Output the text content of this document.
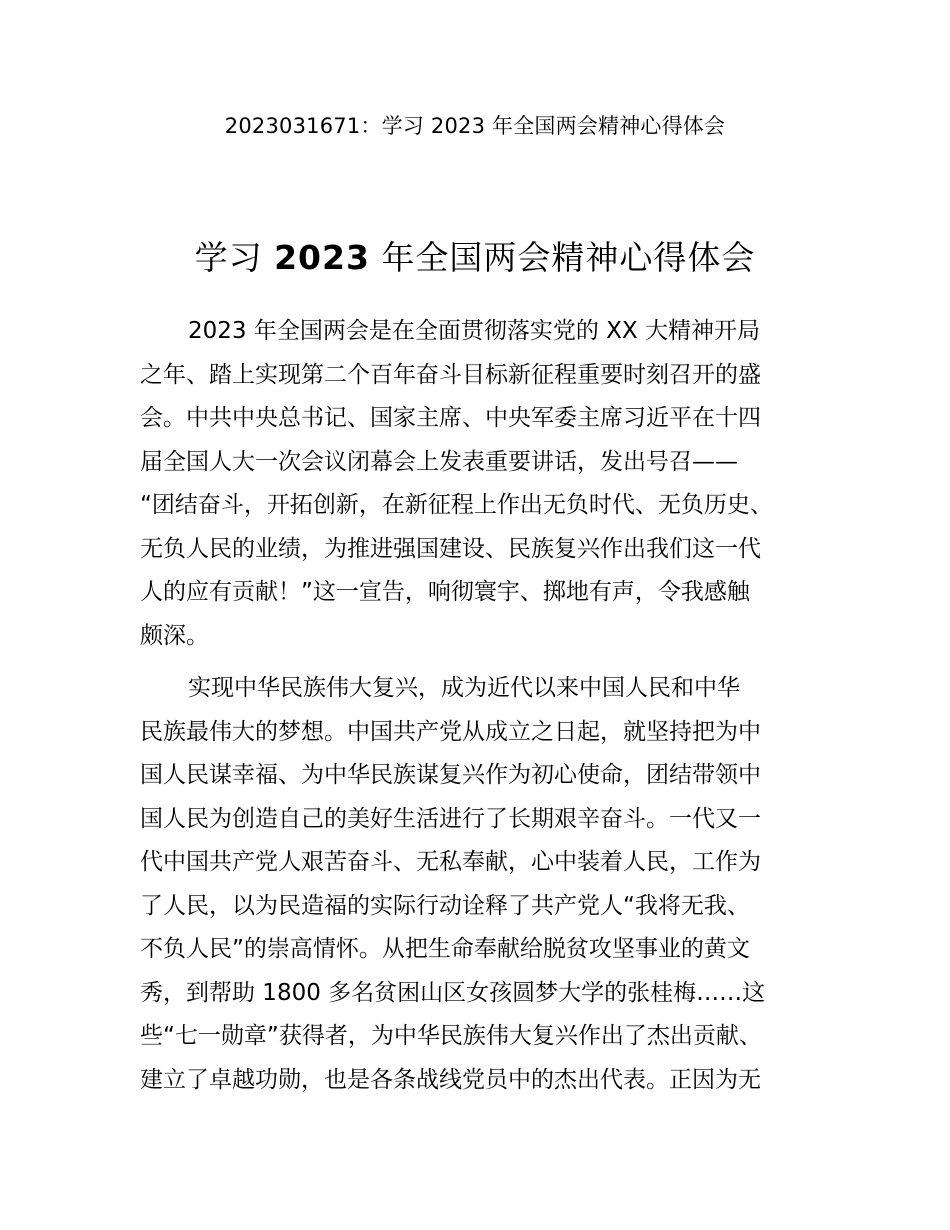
2023031671：学习 2023 年全国两会精神心得体会
学习 2023 年全国两会精神心得体会
2023 年全国两会是在全面贯彻落实党的 XX 大精神开局
之年、踏上实现第二个百年奋斗目标新征程重要时刻召开的盛
会。中共中央总书记、国家主席、中央军委主席习近平在十四
届全国人大一次会议闭幕会上发表重要讲话，发出号召——
“团结奋斗，开拓创新，在新征程上作出无负时代、无负历史、
无负人民的业绩，为推进强国建设、民族复兴作出我们这一代
人的应有贡献！”这一宣告，响彻寰宇、掷地有声，令我感触
颇深。
实现中华民族伟大复兴，成为近代以来中国人民和中华
民族最伟大的梦想。中国共产党从成立之日起，就坚持把为中
国人民谋幸福、为中华民族谋复兴作为初心使命，团结带领中
国人民为创造自己的美好生活进行了长期艰辛奋斗。一代又一
代中国共产党人艰苦奋斗、无私奉献，心中装着人民，工作为
了人民，以为民造福的实际行动诠释了共产党人“我将无我、
不负人民”的崇高情怀。从把生命奉献给脱贫攻坚事业的黄文
秀，到帮助 1800 多名贫困山区女孩圆梦大学的张桂梅……这
些“七一勋章”获得者，为中华民族伟大复兴作出了杰出贡献、
建立了卓越功勋，也是各条战线党员中的杰出代表。正因为无
